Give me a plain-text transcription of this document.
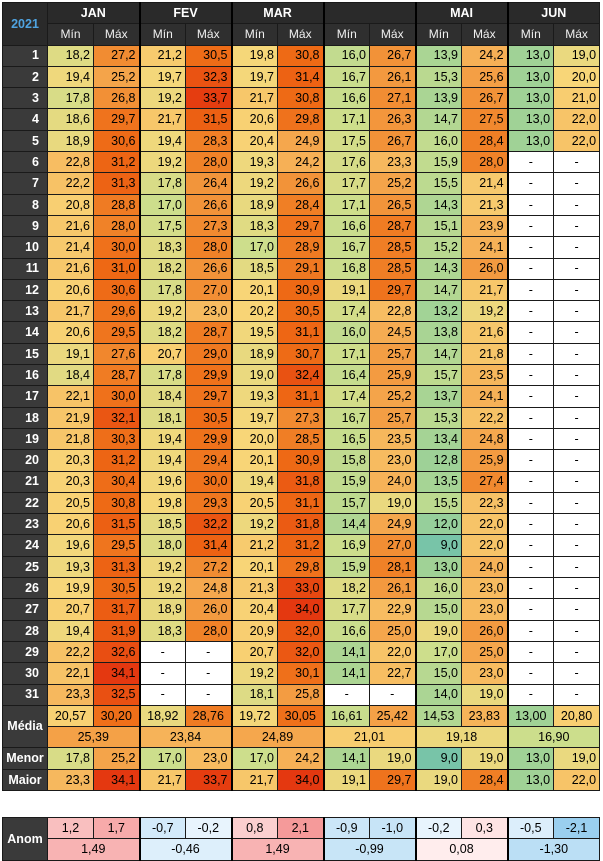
2021	JAN		FEV		MAR				MAI		JUN	
	Mín	Máx	Mín	Máx	Mín	Máx	Mín	Máx	Mín	Máx	Mín	Máx
1	18,2	27,2	21,2	30,5	19,8	30,8	16,0	26,7	13,9	24,2	13,0	19,0
2	19,4	25,2	19,7	32,3	19,7	31,4	16,7	26,1	15,3	25,6	13,0	20,0
3	17,8	26,8	19,2	33,7	21,7	30,8	16,6	27,1	13,9	26,7	13,0	21,0
4	18,6	29,7	21,7	31,5	20,6	29,8	17,1	26,3	14,7	27,5	13,0	22,0
5	18,9	30,6	19,4	28,3	20,4	24,9	17,5	26,7	16,0	28,4	13,0	22,0
6	22,8	31,2	19,2	28,0	19,3	24,2	17,6	23,3	15,9	28,0	-	-
7	22,2	31,3	17,8	26,4	19,2	26,6	17,7	25,2	15,5	21,4	-	-
8	20,8	28,8	17,0	26,6	18,9	28,4	17,1	26,5	14,3	21,3	-	-
9	21,6	28,0	17,5	27,3	18,3	29,7	16,6	28,7	15,1	23,9	-	-
10	21,4	30,0	18,3	28,0	17,0	28,9	16,7	28,5	15,2	24,1	-	-
11	21,6	31,0	18,2	26,6	18,5	29,1	16,8	28,5	14,3	26,0	-	-
12	20,6	30,6	17,8	27,0	20,1	30,9	19,1	29,7	14,7	21,7	-	-
13	21,7	29,6	19,2	23,0	20,2	30,5	17,4	22,8	13,2	19,2	-	-
14	20,6	29,5	18,2	28,7	19,5	31,1	16,0	24,5	13,8	21,6	-	-
15	19,1	27,6	20,7	29,0	18,9	30,7	17,1	25,7	14,7	21,8	-	-
16	18,4	28,7	17,8	29,9	19,0	32,4	16,4	25,9	15,7	23,5	-	-
17	22,1	30,0	18,4	29,7	19,3	31,1	17,4	25,2	13,7	24,1	-	-
18	21,9	32,1	18,1	30,5	19,7	27,3	16,7	25,7	15,3	22,2	-	-
19	21,8	30,3	19,4	29,9	20,0	28,5	16,5	23,5	13,4	24,8	-	-
20	20,3	31,2	19,4	29,4	20,1	30,9	15,8	23,0	12,8	25,9	-	-
21	20,3	30,4	19,6	30,0	19,4	31,8	15,9	24,0	13,5	27,4	-	-
22	20,5	30,8	19,8	29,3	20,5	31,1	15,7	19,0	15,5	22,3	-	-
23	20,6	31,5	18,5	32,2	19,2	31,8	14,4	24,9	12,0	22,0	-	-
24	19,6	29,5	18,0	31,4	21,2	31,2	16,9	27,0	9,0	22,0	-	-
25	19,3	31,3	19,2	27,2	20,1	29,8	15,9	28,1	13,0	24,0	-	-
26	19,9	30,5	19,2	24,8	21,3	33,0	18,2	26,1	16,0	23,0	-	-
27	20,7	31,7	18,9	26,0	20,4	34,0	17,7	22,9	15,0	23,0	-	-
28	19,4	31,9	18,3	28,0	20,9	32,0	16,6	25,0	19,0	26,0	-	-
29	22,2	32,6	-	-	20,7	32,0	14,1	22,0	17,0	25,0	-	-
30	22,1	34,1	-	-	19,2	30,1	14,1	22,7	15,0	23,0	-	-
31	23,3	32,5	-	-	18,1	25,8	-	-	14,0	19,0	-	-
Média	20,57	30,20	18,92	28,76	19,72	30,05	16,61	25,42	14,53	23,83	13,00	20,80
	25,39		23,84		24,89		21,01		19,18		16,90	
Menor	17,8	25,2	17,0	23,0	17,0	24,2	14,1	19,0	9,0	19,0	13,0	19,0
Maior	23,3	34,1	21,7	33,7	21,7	34,0	19,1	29,7	19,0	28,4	13,0	22,0

Anom	1,2	1,7	-0,7	-0,2	0,8	2,1	-0,9	-1,0	-0,2	0,3	-0,5	-2,1
	1,49		-0,46		1,49		-0,99		0,08		-1,30	
